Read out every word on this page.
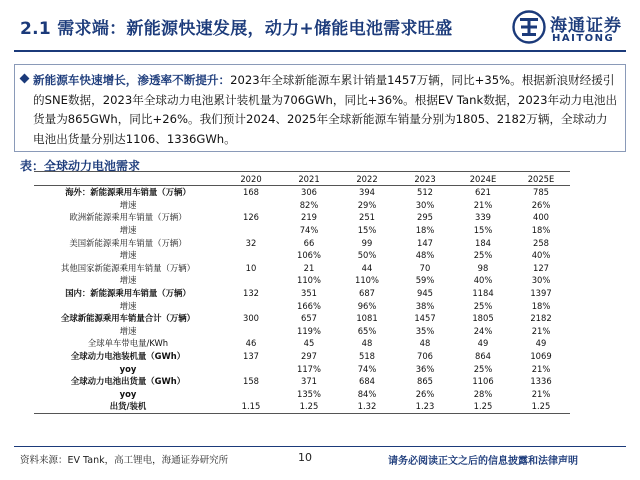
2.1 需求端：新能源快速发展，动力+储能电池需求旺盛	海通证券
HAITONG
新能源车快速增长，渗透率不断提升：2023年全球新能源车累计销量1457万辆，同比+35%。根据新浪财经援引的SNE数据，2023年全球动力电池累计装机量为706GWh，同比+36%。根据EV Tank数据，2023年动力电池出货量为865GWh，同比+26%。我们预计2024、2025年全球新能源车销量分别为1805、2182万辆，全球动力电池出货量分别达1106、1336GWh。
表：全球动力电池需求
	2020	2021	2022	2023	2024E	2025E
海外：新能源乘用车销量（万辆）	168	306	394	512	621	785
增速		82%	29%	30%	21%	26%
欧洲新能源乘用车销量（万辆）	126	219	251	295	339	400
增速		74%	15%	18%	15%	18%
美国新能源乘用车销量（万辆）	32	66	99	147	184	258
增速		106%	50%	48%	25%	40%
其他国家新能源乘用车销量（万辆）	10	21	44	70	98	127
增速		110%	110%	59%	40%	30%
国内：新能源乘用车销量（万辆）	132	351	687	945	1184	1397
增速		166%	96%	38%	25%	18%
全球新能源乘用车销量合计（万辆）	300	657	1081	1457	1805	2182
增速		119%	65%	35%	24%	21%
全球单车带电量/KWh	46	45	48	48	49	49
全球动力电池装机量（GWh）	137	297	518	706	864	1069
yoy		117%	74%	36%	25%	21%
全球动力电池出货量（GWh）	158	371	684	865	1106	1336
yoy		135%	84%	26%	28%	21%
出货/装机	1.15	1.25	1.32	1.23	1.25	1.25
资料来源：EV Tank，高工锂电，海通证券研究所	10	请务必阅读正文之后的信息披露和法律声明
